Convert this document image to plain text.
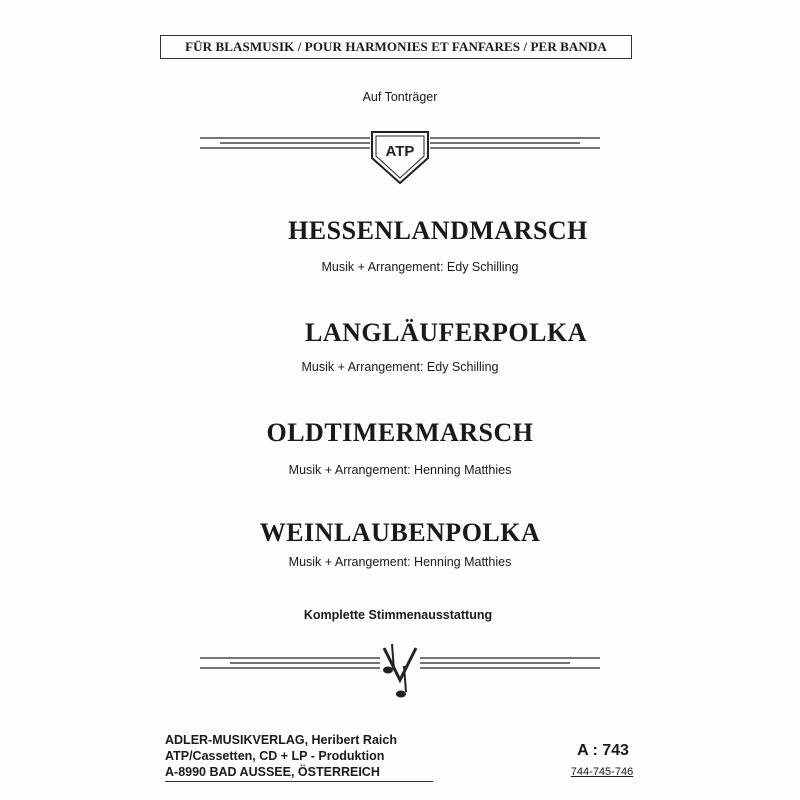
FÜR BLASMUSIK / POUR HARMONIES ET FANFARES / PER BANDA
Auf Tonträger
ATP
HESSENLANDMARSCH
Musik + Arrangement: Edy Schilling
LANGLÄUFERPOLKA
Musik + Arrangement: Edy Schilling
OLDTIMERMARSCH
Musik + Arrangement: Henning Matthies
WEINLAUBENPOLKA
Musik + Arrangement: Henning Matthies
Komplette Stimmenausstattung
ADLER-MUSIKVERLAG, Heribert Raich
ATP/Cassetten, CD + LP - Produktion
A-8990 BAD AUSSEE, ÖSTERREICH
A : 743
744-745-746
